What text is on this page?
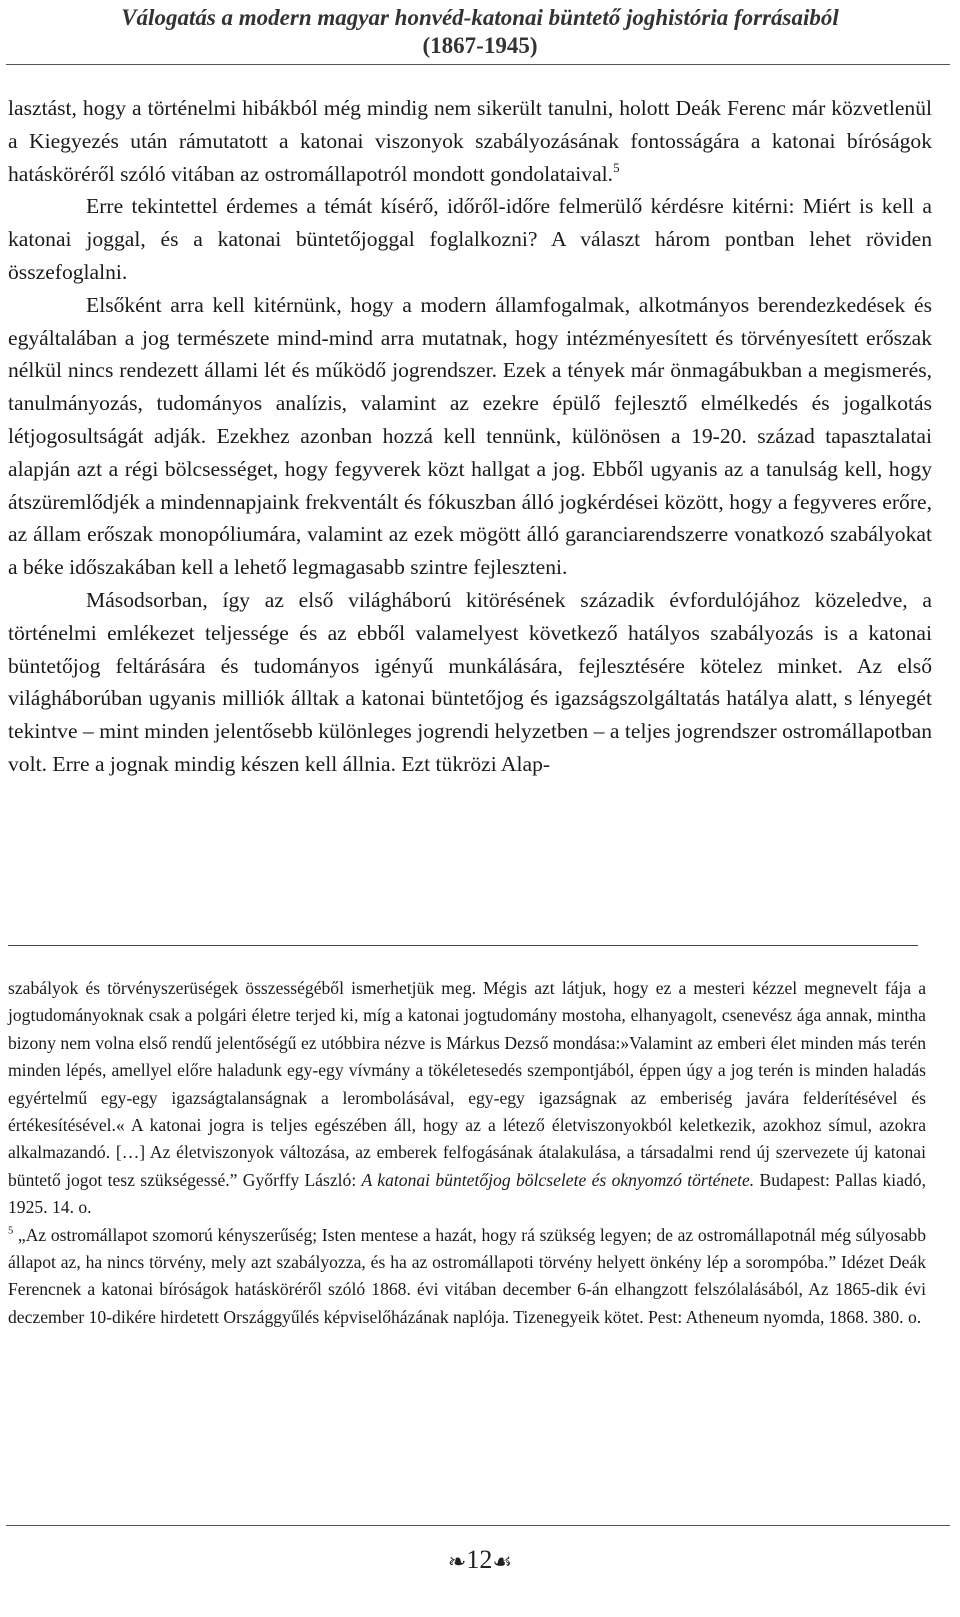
Válogatás a modern magyar honvéd-katonai büntető joghistória forrásaiból
(1867-1945)

lasztást, hogy a történelmi hibákból még mindig nem sikerült tanulni, holott Deák Ferenc már közvetlenül a Kiegyezés után rámutatott a katonai viszonyok szabályozásának fontosságára a katonai bíróságok hatásköréről szóló vitában az ostromállapotról mondott gondolataival.$^5$

Erre tekintettel érdemes a témát kísérő, időről-időre felmerülő kérdésre kitérni: Miért is kell a katonai joggal, és a katonai büntetőjoggal foglalkozni? A választ három pontban lehet röviden összefoglalni.

Elsőként arra kell kitérnünk, hogy a modern államfogalmak, alkotmányos berendezkedések és egyáltalában a jog természete mind-mind arra mutatnak, hogy intézményesített és törvényesített erőszak nélkül nincs rendezett állami lét és működő jogrendszer. Ezek a tények már önmagábukban a megismerés, tanulmányozás, tudományos analízis, valamint az ezekre épülő fejlesztő elmélkedés és jogalkotás létjogosultságát adják. Ezekhez azonban hozzá kell tennünk, különösen a 19-20. század tapasztalatai alapján azt a régi bölcsességet, hogy fegyverek közt hallgat a jog. Ebből ugyanis az a tanulság kell, hogy átszüremlődjék a mindennapjaink frekventált és fókuszban álló jogkérdései között, hogy a fegyveres erőre, az állam erőszak monopóliumára, valamint az ezek mögött álló garanciarendszerre vonatkozó szabályokat a béke időszakában kell a lehető legmagasabb szintre fejleszteni.

Másodsorban, így az első világháború kitörésének századik évfordulójához közeledve, a történelmi emlékezet teljessége és az ebből valamelyest következő hatályos szabályozás is a katonai büntetőjog feltárására és tudományos igényű munkálására, fejlesztésére kötelez minket. Az első világháborúban ugyanis milliók álltak a katonai büntetőjog és igazságszolgáltatás hatálya alatt, s lényegét tekintve – mint minden jelentősebb különleges jogrendi helyzetben – a teljes jogrendszer ostromállapotban volt. Erre a jognak mindig készen kell állnia. Ezt tükrözi Alap-

szabályok és törvényszerüségek összességéből ismerhetjük meg. Mégis azt látjuk, hogy ez a mesteri kézzel megnevelt fája a jogtudományoknak csak a polgári életre terjed ki, míg a katonai jogtudomány mostoha, elhanyagolt, csenevész ága annak, mintha bizony nem volna első rendű jelentőségű ez utóbbira nézve is Márkus Dezső mondása:»Valamint az emberi élet minden más terén minden lépés, amellyel előre haladunk egy-egy vívmány a tökéletesedés szempontjából, éppen úgy a jog terén is minden haladás egyértelmű egy-egy igazságtalanságnak a lerombolásával, egy-egy igazságnak az emberiség javára felderítésével és értékesítésével.« A katonai jogra is teljes egészében áll, hogy az a létező életviszonyokból keletkezik, azokhoz símul, azokra alkalmazandó. […] Az életviszonyok változása, az emberek felfogásának átalakulása, a társadalmi rend új szervezete új katonai büntető jogot tesz szükségessé.” Győrffy László: A katonai büntetőjog bölcselete és oknyomzó története. Budapest: Pallas kiadó, 1925. 14. o.

$^5$ „Az ostromállapot szomorú kényszerűség; Isten mentese a hazát, hogy rá szükség legyen; de az ostromállapotnál még súlyosabb állapot az, ha nincs törvény, mely azt szabályozza, és ha az ostromállapoti törvény helyett önkény lép a sorompóba.” Idézet Deák Ferencnek a katonai bíróságok hatásköréről szóló 1868. évi vitában december 6-án elhangzott felszólalásából, Az 1865-dik évi deczember 10-dikére hirdetett Országgyűlés képviselőházának naplója. Tizenegyeik kötet. Pest: Atheneum nyomda, 1868. 380. o.

❧12☙
